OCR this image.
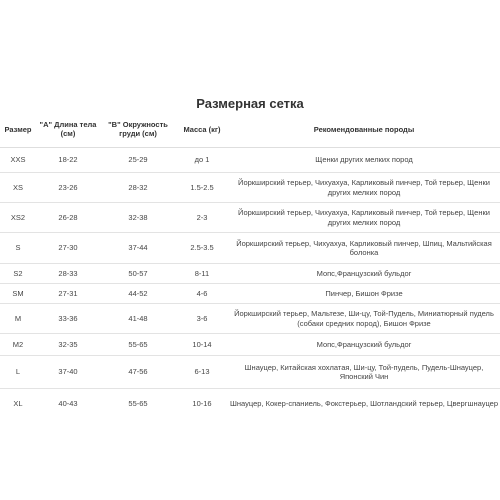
Размерная сетка
Размер	"A" Длина тела (см)	"B" Окружность груди (см)	Масса (кг)	Рекомендованные породы
XXS	18-22	25-29	до 1	Щенки других мелких пород
XS	23-26	28-32	1.5-2.5	Йоркширский терьер, Чихуахуа, Карликовый пинчер, Той терьер, Щенки других мелких пород
XS2	26-28	32-38	2-3	Йоркширский терьер, Чихуахуа, Карликовый пинчер, Той терьер, Щенки других мелких пород
S	27-30	37-44	2.5-3.5	Йоркширский терьер, Чихуахуа, Карликовый пинчер, Шпиц, Мальтийская болонка
S2	28-33	50-57	8-11	Мопс,Французский бульдог
SM	27-31	44-52	4-6	Пинчер, Бишон Фризе
M	33-36	41-48	3-6	Йоркширский терьер, Мальтезе, Ши-цу, Той-Пудель, Миниатюрный пудель (собаки средних пород), Бишон Фризе
M2	32-35	55-65	10-14	Мопс,Французский бульдог
L	37-40	47-56	6-13	Шнауцер, Китайская хохлатая, Ши-цу, Той-пудель, Пудель-Шнауцер, Японский Чин
XL	40-43	55-65	10-16	Шнауцер, Кокер-спаниель, Фокстерьер, Шотландский терьер, Цвергшнауцер
